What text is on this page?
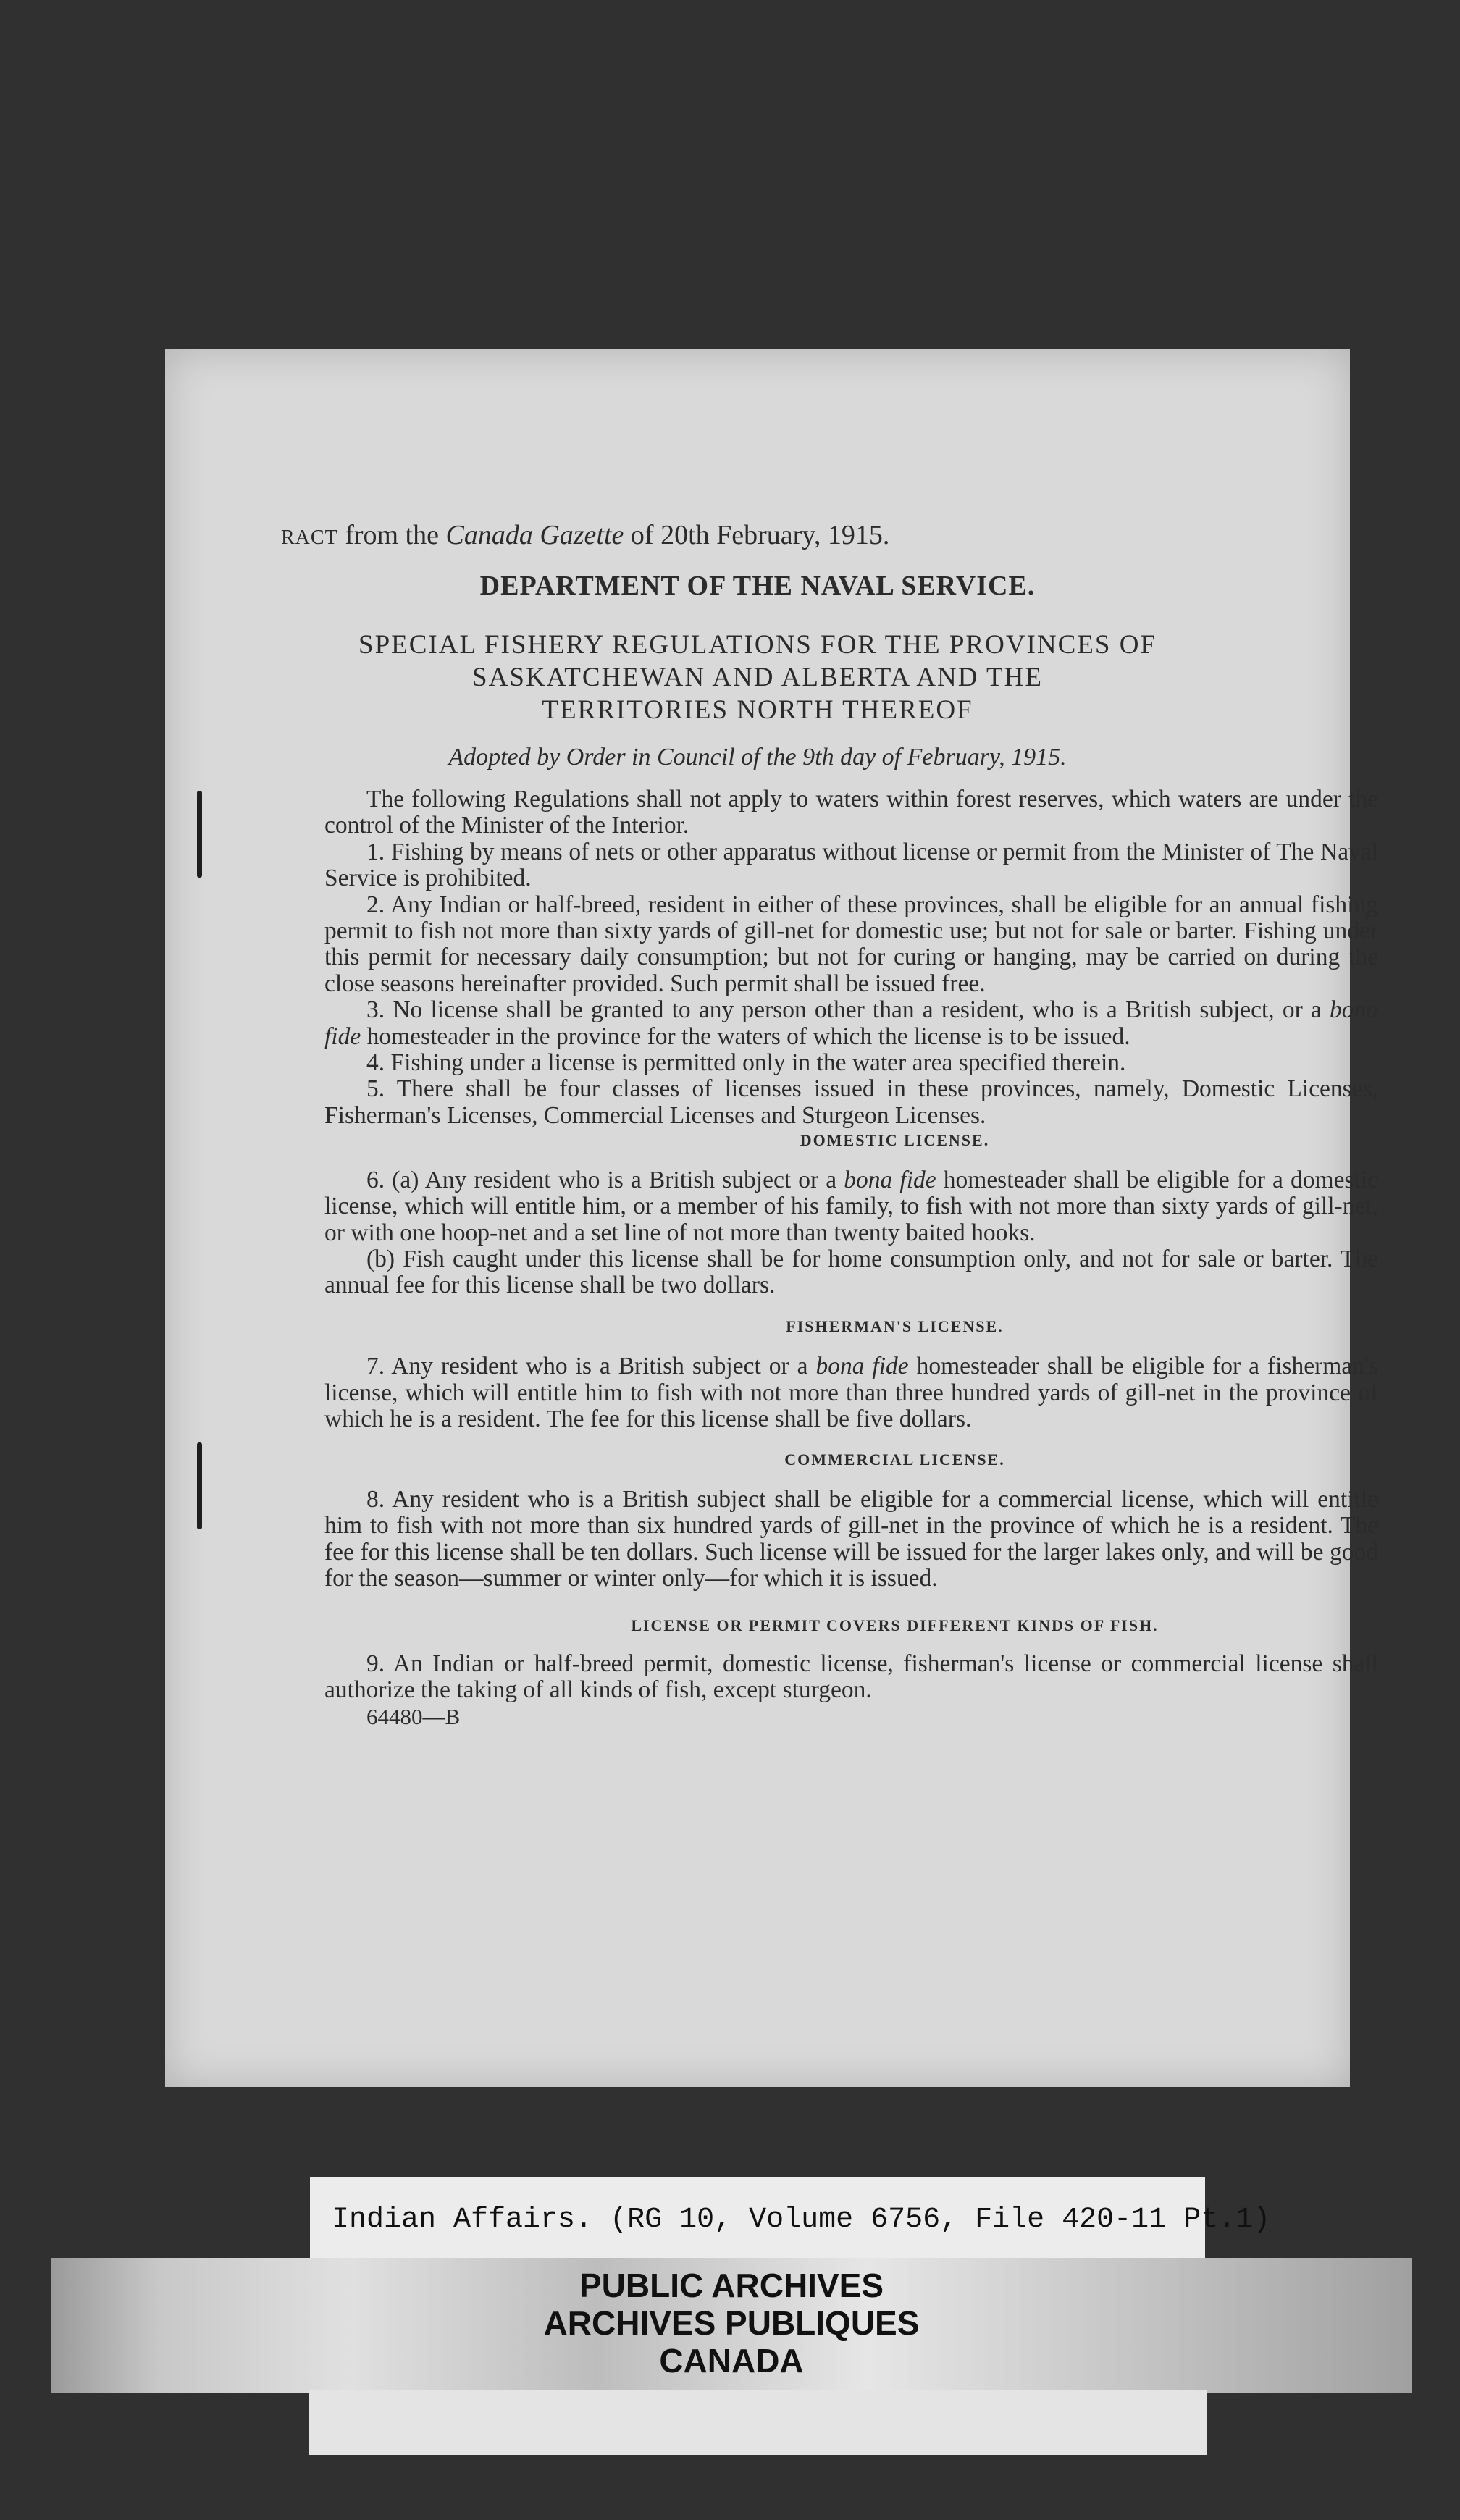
RACT from the Canada Gazette of 20th February, 1915.
DEPARTMENT OF THE NAVAL SERVICE.
SPECIAL FISHERY REGULATIONS FOR THE PROVINCES OF
SASKATCHEWAN AND ALBERTA AND THE
TERRITORIES NORTH THEREOF
Adopted by Order in Council of the 9th day of February, 1915.

The following Regulations shall not apply to waters within forest reserves, which waters are under the control of the Minister of the Interior.

1. Fishing by means of nets or other apparatus without license or permit from the Minister of The Naval Service is prohibited.

2. Any Indian or half-breed, resident in either of these provinces, shall be eligible for an annual fishing permit to fish not more than sixty yards of gill-net for domestic use; but not for sale or barter. Fishing under this permit for necessary daily consumption; but not for curing or hanging, may be carried on during the close seasons hereinafter provided. Such permit shall be issued free.

3. No license shall be granted to any person other than a resident, who is a British subject, or a bona fide homesteader in the province for the waters of which the license is to be issued.

4. Fishing under a license is permitted only in the water area specified therein.

5. There shall be four classes of licenses issued in these provinces, namely, Domestic Licenses, Fisherman's Licenses, Commercial Licenses and Sturgeon Licenses.

DOMESTIC LICENSE.

6. (a) Any resident who is a British subject or a bona fide homesteader shall be eligible for a domestic license, which will entitle him, or a member of his family, to fish with not more than sixty yards of gill-net, or with one hoop-net and a set line of not more than twenty baited hooks.

(b) Fish caught under this license shall be for home consumption only, and not for sale or barter. The annual fee for this license shall be two dollars.

FISHERMAN'S LICENSE.

7. Any resident who is a British subject or a bona fide homesteader shall be eligible for a fisherman's license, which will entitle him to fish with not more than three hundred yards of gill-net in the province of which he is a resident. The fee for this license shall be five dollars.

COMMERCIAL LICENSE.

8. Any resident who is a British subject shall be eligible for a commercial license, which will entitle him to fish with not more than six hundred yards of gill-net in the province of which he is a resident. The fee for this license shall be ten dollars. Such license will be issued for the larger lakes only, and will be good for the season—summer or winter only—for which it is issued.

LICENSE OR PERMIT COVERS DIFFERENT KINDS OF FISH.

9. An Indian or half-breed permit, domestic license, fisherman's license or commercial license shall authorize the taking of all kinds of fish, except sturgeon.

64480—B

Indian Affairs. (RG 10, Volume 6756, File 420-11 Pt.1)
PUBLIC ARCHIVES
ARCHIVES PUBLIQUES
CANADA
